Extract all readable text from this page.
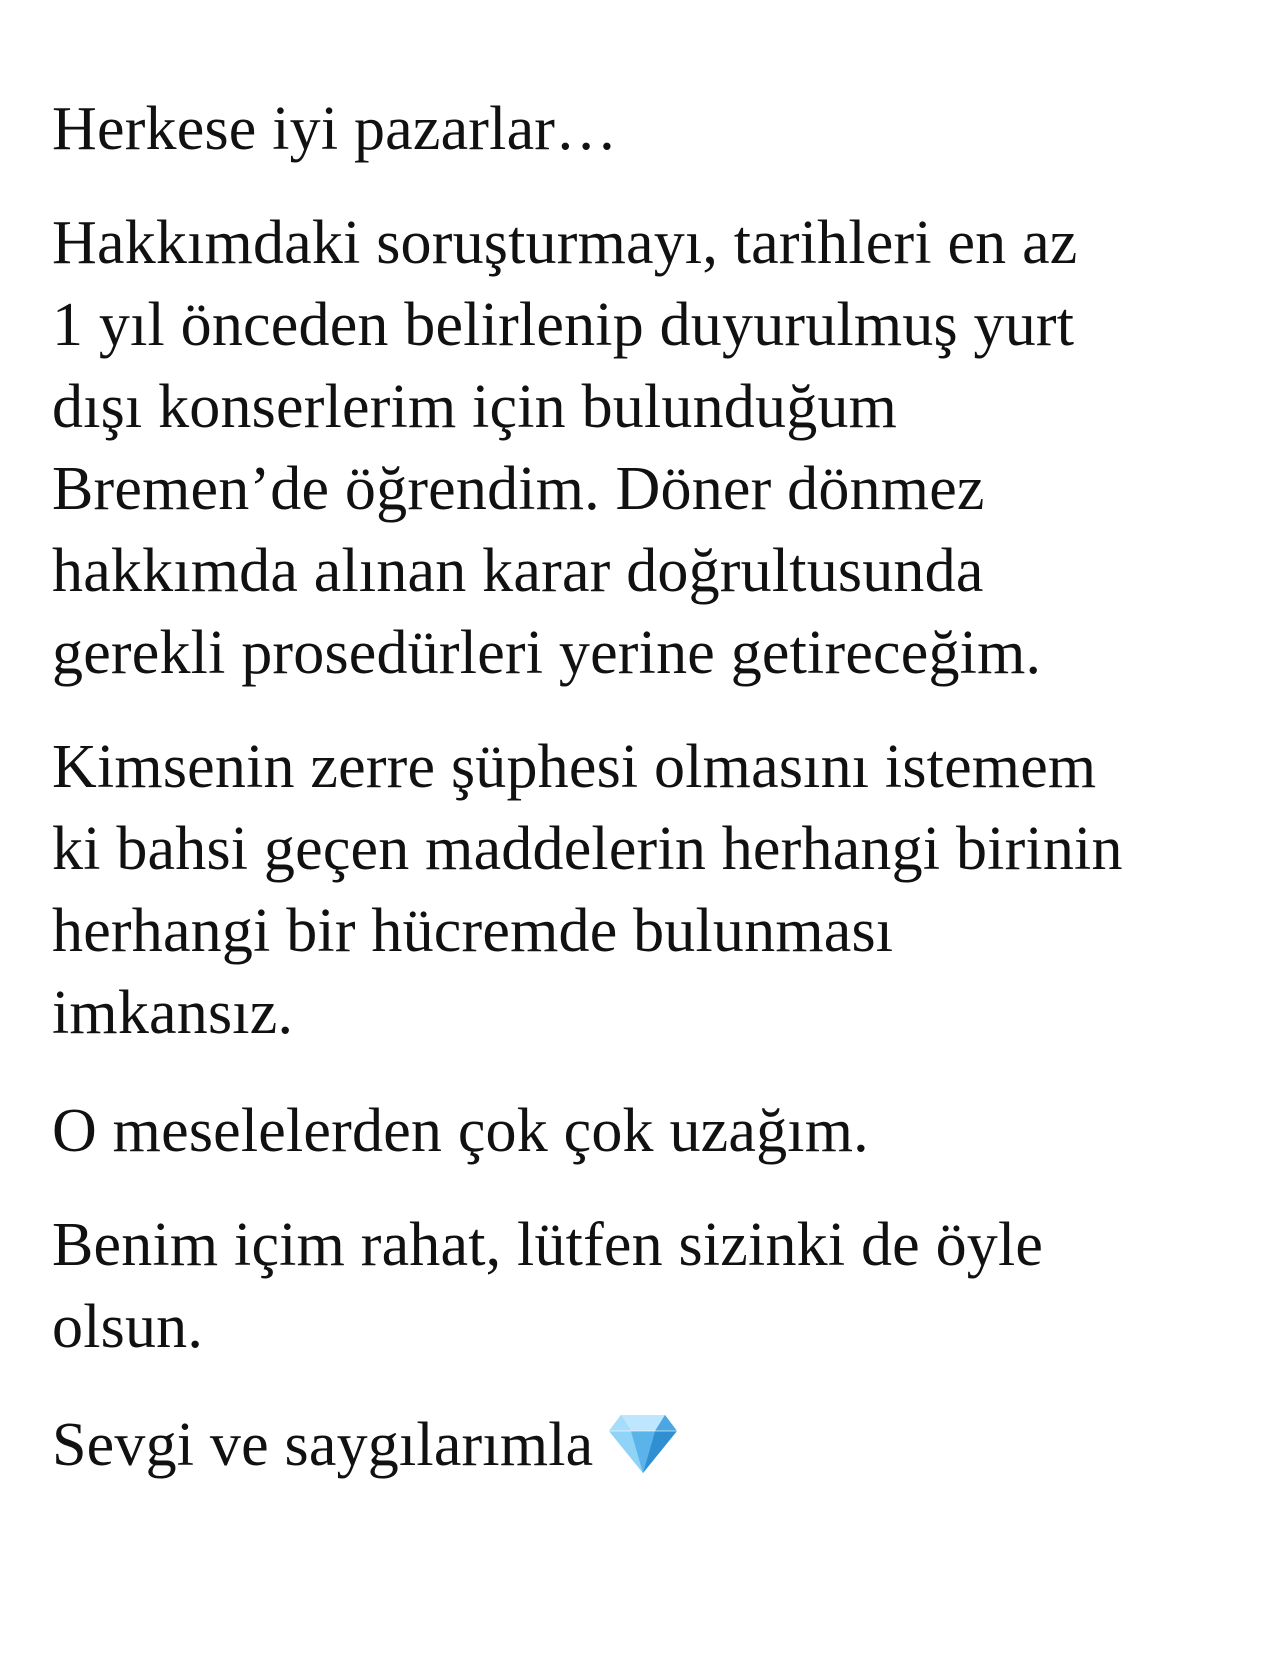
Herkese iyi pazarlar…

Hakkımdaki soruşturmayı, tarihleri en az
1 yıl önceden belirlenip duyurulmuş yurt
dışı konserlerim için bulunduğum
Bremen’de öğrendim. Döner dönmez
hakkımda alınan karar doğrultusunda
gerekli prosedürleri yerine getireceğim.

Kimsenin zerre şüphesi olmasını istemem
ki bahsi geçen maddelerin herhangi birinin
herhangi bir hücremde bulunması
imkansız.

O meselelerden çok çok uzağım.

Benim içim rahat, lütfen sizinki de öyle
olsun.

Sevgi ve saygılarımla
